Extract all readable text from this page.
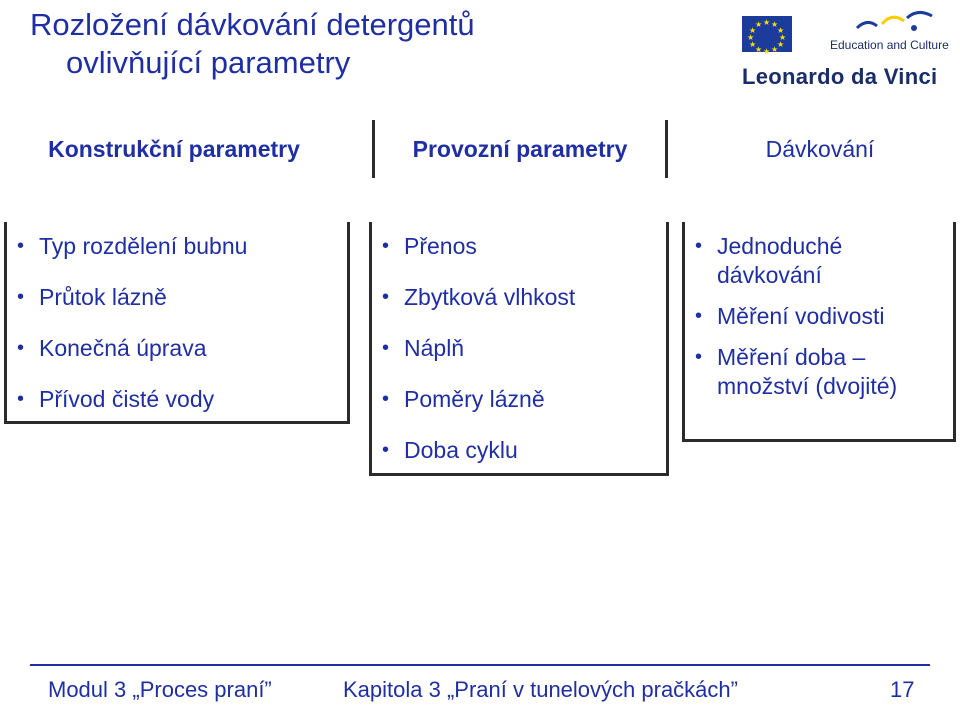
Rozložení dávkování detergentů
ovlivňující parametry
★ ★
★
★
★
★
★
★
★
★
★
★
Education and Culture
Leonardo da Vinci
Konstrukční parametry	Provozní parametry	Dávkování
• Typ rozdělení bubnu
• Průtok lázně
• Konečná úprava
• Přívod čisté vody
• Přenos
• Zbytková vlhkost
• Náplň
• Poměry lázně
• Doba cyklu
• Jednoduché dávkování
• Měření vodivosti
• Měření doba – množství (dvojité)
Modul 3 „Proces praní”	Kapitola 3 „Praní v tunelových pračkách”	17
